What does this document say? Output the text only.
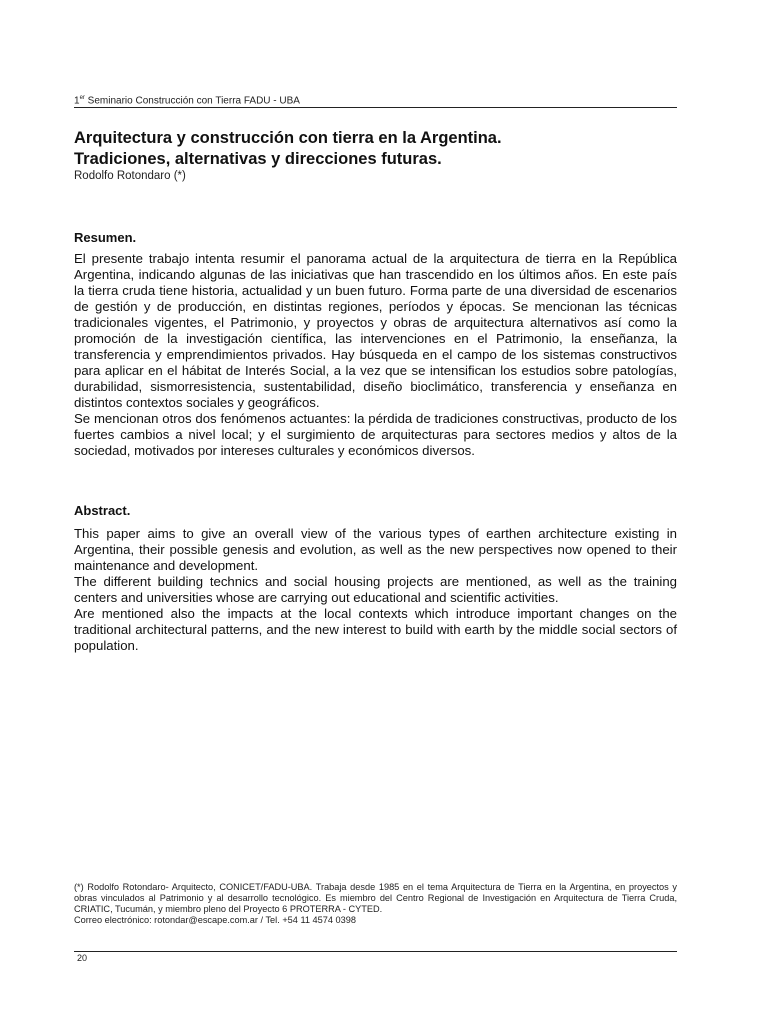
1er Seminario Construcción con Tierra FADU - UBA
Arquitectura y construcción con tierra en la Argentina.
Tradiciones, alternativas y direcciones futuras.
Rodolfo Rotondaro (*)
Resumen.

El presente trabajo intenta resumir el panorama actual de la arquitectura de tierra en la República Argentina, indicando algunas de las iniciativas que han trascendido en los últimos años. En este país la tierra cruda tiene historia, actualidad y un buen futuro. Forma parte de una diversidad de escenarios de gestión y de producción, en distintas regiones, períodos y épocas. Se mencionan las técnicas tradicionales vigentes, el Patrimonio, y proyectos y obras de arquitectura alternativos así como la promoción de la investigación científica, las intervenciones en el Patrimonio, la enseñanza, la transferencia y emprendimientos privados. Hay búsqueda en el campo de los sistemas constructivos para aplicar en el hábitat de Interés Social, a la vez que se intensifican los estudios sobre patologías, durabilidad, sismorresistencia, sustentabilidad, diseño bioclimático, transferencia y enseñanza en distintos contextos sociales y geográficos.

Se mencionan otros dos fenómenos actuantes: la pérdida de tradiciones constructivas, producto de los fuertes cambios a nivel local; y el surgimiento de arquitecturas para sectores medios y altos de la sociedad, motivados por intereses culturales y económicos diversos.

Abstract.

This paper aims to give an overall view of the various types of earthen architecture existing in Argentina, their possible genesis and evolution, as well as the new perspectives now opened to their maintenance and development.

The different building technics and social housing projects are mentioned, as well as the training centers and universities whose are carrying out educational and scientific activities.

Are mentioned also the impacts at the local contexts which introduce important changes on the traditional architectural patterns, and the new interest to build with earth by the middle social sectors of population.

(*) Rodolfo Rotondaro- Arquitecto, CONICET/FADU-UBA. Trabaja desde 1985 en el tema Arquitectura de Tierra en la Argentina, en proyectos y obras vinculados al Patrimonio y al desarrollo tecnológico. Es miembro del Centro Regional de Investigación en Arquitectura de Tierra Cruda, CRIATIC, Tucumán, y miembro pleno del Proyecto 6 PROTERRA - CYTED.

Correo electrónico: rotondar@escape.com.ar / Tel. +54 11 4574 0398

20
